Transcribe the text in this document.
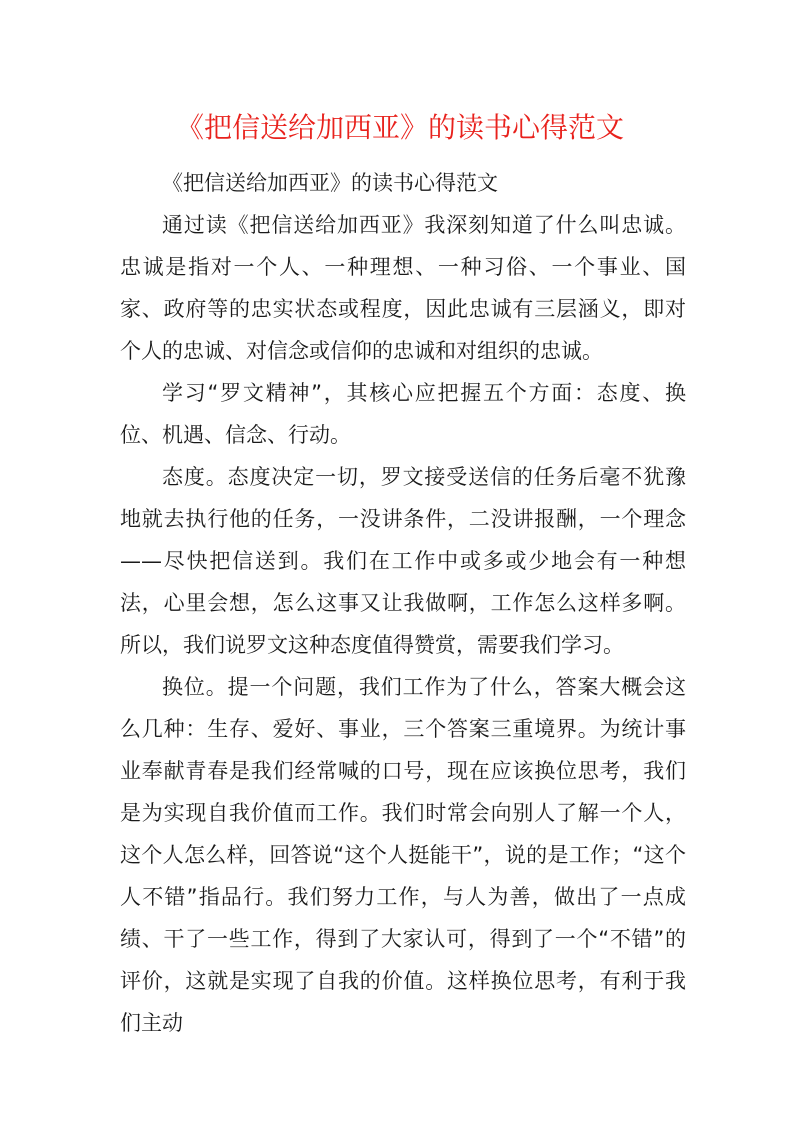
《把信送给加西亚》的读书心得范文

《把信送给加西亚》的读书心得范文

通过读《把信送给加西亚》我深刻知道了什么叫忠诚。忠诚是指对一个人、一种理想、一种习俗、一个事业、国家、政府等的忠实状态或程度，因此忠诚有三层涵义，即对个人的忠诚、对信念或信仰的忠诚和对组织的忠诚。

学习“罗文精神”，其核心应把握五个方面：态度、换位、机遇、信念、行动。

态度。态度决定一切，罗文接受送信的任务后毫不犹豫地就去执行他的任务，一没讲条件，二没讲报酬，一个理念——尽快把信送到。我们在工作中或多或少地会有一种想法，心里会想，怎么这事又让我做啊，工作怎么这样多啊。所以，我们说罗文这种态度值得赞赏，需要我们学习。

换位。提一个问题，我们工作为了什么，答案大概会这么几种：生存、爱好、事业，三个答案三重境界。为统计事业奉献青春是我们经常喊的口号，现在应该换位思考，我们是为实现自我价值而工作。我们时常会向别人了解一个人，这个人怎么样，回答说“这个人挺能干”，说的是工作；“这个人不错”指品行。我们努力工作，与人为善，做出了一点成绩、干了一些工作，得到了大家认可，得到了一个“不错”的评价，这就是实现了自我的价值。这样换位思考，有利于我们主动
